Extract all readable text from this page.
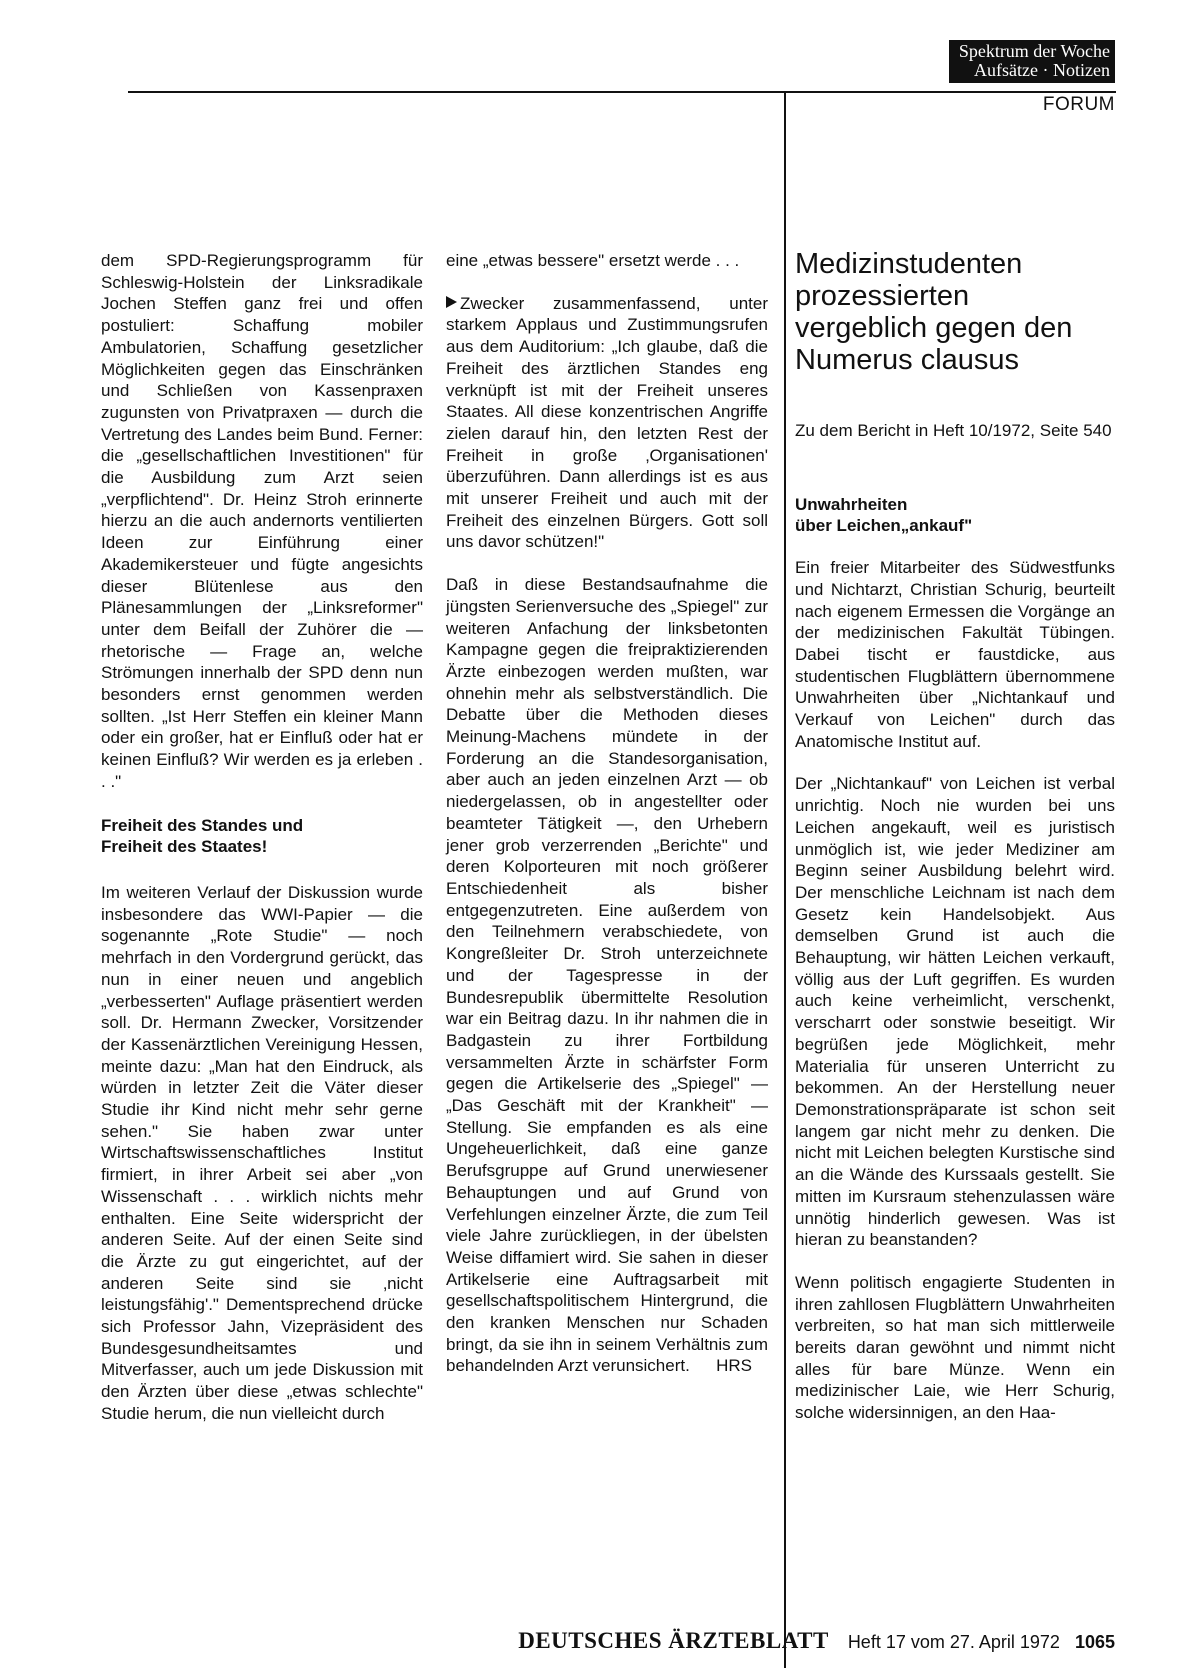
Spektrum der Woche
Aufsätze · Notizen
FORUM

dem SPD-Regierungsprogramm für Schleswig-Holstein der Linksradikale Jochen Steffen ganz frei und offen postuliert: Schaffung mobiler Ambulatorien, Schaffung gesetzlicher Möglichkeiten gegen das Einschränken und Schließen von Kassenpraxen zugunsten von Privatpraxen — durch die Vertretung des Landes beim Bund. Ferner: die „gesellschaftlichen Investitionen" für die Ausbildung zum Arzt seien „verpflichtend". Dr. Heinz Stroh erinnerte hierzu an die auch andernorts ventilierten Ideen zur Einführung einer Akademikersteuer und fügte angesichts dieser Blütenlese aus den Plänesammlungen der „Linksreformer" unter dem Beifall der Zuhörer die — rhetorische — Frage an, welche Strömungen innerhalb der SPD denn nun besonders ernst genommen werden sollten. „Ist Herr Steffen ein kleiner Mann oder ein großer, hat er Einfluß oder hat er keinen Einfluß? Wir werden es ja erleben . . ."

Freiheit des Standes und
Freiheit des Staates!

Im weiteren Verlauf der Diskussion wurde insbesondere das WWI-Papier — die sogenannte „Rote Studie" — noch mehrfach in den Vordergrund gerückt, das nun in einer neuen und angeblich „verbesserten" Auflage präsentiert werden soll. Dr. Hermann Zwecker, Vorsitzender der Kassenärztlichen Vereinigung Hessen, meinte dazu: „Man hat den Eindruck, als würden in letzter Zeit die Väter dieser Studie ihr Kind nicht mehr sehr gerne sehen." Sie haben zwar unter Wirtschaftswissenschaftliches Institut firmiert, in ihrer Arbeit sei aber „von Wissenschaft . . . wirklich nichts mehr enthalten. Eine Seite widerspricht der anderen Seite. Auf der einen Seite sind die Ärzte zu gut eingerichtet, auf der anderen Seite sind sie ‚nicht leistungsfähig'." Dementsprechend drücke sich Professor Jahn, Vizepräsident des Bundesgesundheitsamtes und Mitverfasser, auch um jede Diskussion mit den Ärzten über diese „etwas schlechte" Studie herum, die nun vielleicht durch

eine „etwas bessere" ersetzt werde . . .

Zwecker zusammenfassend, unter starkem Applaus und Zustimmungsrufen aus dem Auditorium: „Ich glaube, daß die Freiheit des ärztlichen Standes eng verknüpft ist mit der Freiheit unseres Staates. All diese konzentrischen Angriffe zielen darauf hin, den letzten Rest der Freiheit in große ‚Organisationen' überzuführen. Dann allerdings ist es aus mit unserer Freiheit und auch mit der Freiheit des einzelnen Bürgers. Gott soll uns davor schützen!"

Daß in diese Bestandsaufnahme die jüngsten Serienversuche des „Spiegel" zur weiteren Anfachung der linksbetonten Kampagne gegen die freipraktizierenden Ärzte einbezogen werden mußten, war ohnehin mehr als selbstverständlich. Die Debatte über die Methoden dieses Meinung-Machens mündete in der Forderung an die Standesorganisation, aber auch an jeden einzelnen Arzt — ob niedergelassen, ob in angestellter oder beamteter Tätigkeit —, den Urhebern jener grob verzerrenden „Berichte" und deren Kolporteuren mit noch größerer Entschiedenheit als bisher entgegenzutreten. Eine außerdem von den Teilnehmern verabschiedete, von Kongreßleiter Dr. Stroh unterzeichnete und der Tagespresse in der Bundesrepublik übermittelte Resolution war ein Beitrag dazu. In ihr nahmen die in Badgastein zu ihrer Fortbildung versammelten Ärzte in schärfster Form gegen die Artikelserie des „Spiegel" — „Das Geschäft mit der Krankheit" — Stellung. Sie empfanden es als eine Ungeheuerlichkeit, daß eine ganze Berufsgruppe auf Grund unerwiesener Behauptungen und auf Grund von Verfehlungen einzelner Ärzte, die zum Teil viele Jahre zurückliegen, in der übelsten Weise diffamiert wird. Sie sahen in dieser Artikelserie eine Auftragsarbeit mit gesellschaftspolitischem Hintergrund, die den kranken Menschen nur Schaden bringt, da sie ihn in seinem Verhältnis zum behandelnden Arzt verunsichert. HRS

Medizinstudenten
prozessierten
vergeblich gegen den
Numerus clausus

Zu dem Bericht in Heft 10/1972, Seite 540

Unwahrheiten
über Leichen„ankauf"

Ein freier Mitarbeiter des Südwestfunks und Nichtarzt, Christian Schurig, beurteilt nach eigenem Ermessen die Vorgänge an der medizinischen Fakultät Tübingen. Dabei tischt er faustdicke, aus studentischen Flugblättern übernommene Unwahrheiten über „Nichtankauf und Verkauf von Leichen" durch das Anatomische Institut auf.

Der „Nichtankauf" von Leichen ist verbal unrichtig. Noch nie wurden bei uns Leichen angekauft, weil es juristisch unmöglich ist, wie jeder Mediziner am Beginn seiner Ausbildung belehrt wird. Der menschliche Leichnam ist nach dem Gesetz kein Handelsobjekt. Aus demselben Grund ist auch die Behauptung, wir hätten Leichen verkauft, völlig aus der Luft gegriffen. Es wurden auch keine verheimlicht, verschenkt, verscharrt oder sonstwie beseitigt. Wir begrüßen jede Möglichkeit, mehr Materialia für unseren Unterricht zu bekommen. An der Herstellung neuer Demonstrationspräparate ist schon seit langem gar nicht mehr zu denken. Die nicht mit Leichen belegten Kurstische sind an die Wände des Kurssaals gestellt. Sie mitten im Kursraum stehenzulassen wäre unnötig hinderlich gewesen. Was ist hieran zu beanstanden?

Wenn politisch engagierte Studenten in ihren zahllosen Flugblättern Unwahrheiten verbreiten, so hat man sich mittlerweile bereits daran gewöhnt und nimmt nicht alles für bare Münze. Wenn ein medizinischer Laie, wie Herr Schurig, solche widersinnigen, an den Haa-

DEUTSCHES ÄRZTEBLATT Heft 17 vom 27. April 1972 1065
